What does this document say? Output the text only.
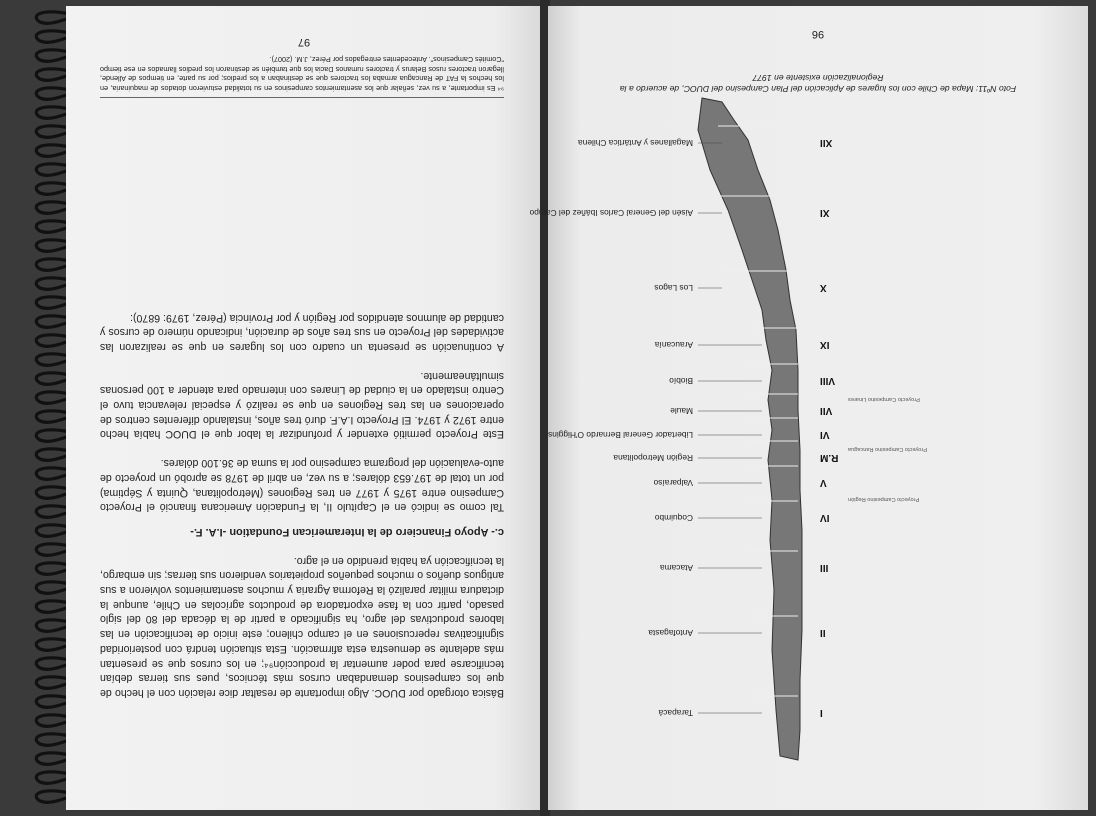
Básica otorgado por DUOC. Algo importante de resaltar dice relación con el hecho de que los campesinos demandaban cursos más técnicos, pues sus tierras debían tecnificarse para poder aumentar la producción⁹⁴; en los cursos que se presentan más adelante se demuestra esta afirmación. Esta situación tendrá con posterioridad significativas repercusiones en el campo chileno; este inicio de tecnificación en las labores productivas del agro, ha significado a partir de la década del 80 del siglo pasado, partir con la fase exportadora de productos agrícolas en Chile, aunque la dictadura militar paralizó la Reforma Agraria y muchos asentamientos volvieron a sus antiguos dueños o muchos pequeños propietarios vendieron sus tierras; sin embargo, la tecnificación ya había prendido en el agro.

c.- Apoyo Financiero de la Interamerican Foundation -I.A. F.-

Tal como se indicó en el Capítulo II, la Fundación Americana financió el Proyecto Campesino entre 1975 y 1977 en tres Regiones (Metropolitana, Quinta y Séptima) por un total de 197.653 dólares; a su vez, en abril de 1978 se aprobó un proyecto de auto-evaluación del programa campesino por la suma de 36.100 dólares.

Este Proyecto permitió extender y profundizar la labor que el DUOC había hecho entre 1972 y 1974. El Proyecto I.A.F. duró tres años, instalando diferentes centros de operaciones en las tres Regiones en que se realizó y especial relevancia tuvo el Centro instalado en la ciudad de Linares con internado para atender a 100 personas simultáneamente.

A continuación se presenta un cuadro con los lugares en que se realizaron las actividades del Proyecto en sus tres años de duración, indicando número de cursos y cantidad de alumnos atendidos por Región y por Provincia (Pérez, 1979: 6870):

⁹⁴ Es importante, a su vez, señalar que los asentamientos campesinos en su totalidad estuvieron dotados de maquinaria, en los hechos la FAT de Rancagua armaba los tractores que se destinaban a los predios; por su parte, en tiempos de Allende, llegaron tractores rusos Belarus y tractores rumanos Dacia los que también se destinaron los predios llamados en ese tiempo "Comités Campesinos". Antecedentes entregados por Pérez, J.M. (2007).
97
I
Tarapacá
II
Antofagasta
III
Atacama
IV
Coquimbo
V
Valparaíso
R.M
Región Metropolitana
VI
Libertador General Bernardo O'Higgins
VII
Maule
VIII
Biobío
IX
Araucanía
X
Los Lagos
XI
Aisén del General Carlos Ibáñez del Campo
XII
Magallanes y Antártica Chilena
Proyecto Campesino Región
Proyecto Campesino Rancagua
Proyecto Campesino Linares
Foto Nº11: Mapa de Chile con los lugares de Aplicación del Plan Campesino del DUOC, de acuerdo a la
Regionalización existente en 1977
96
